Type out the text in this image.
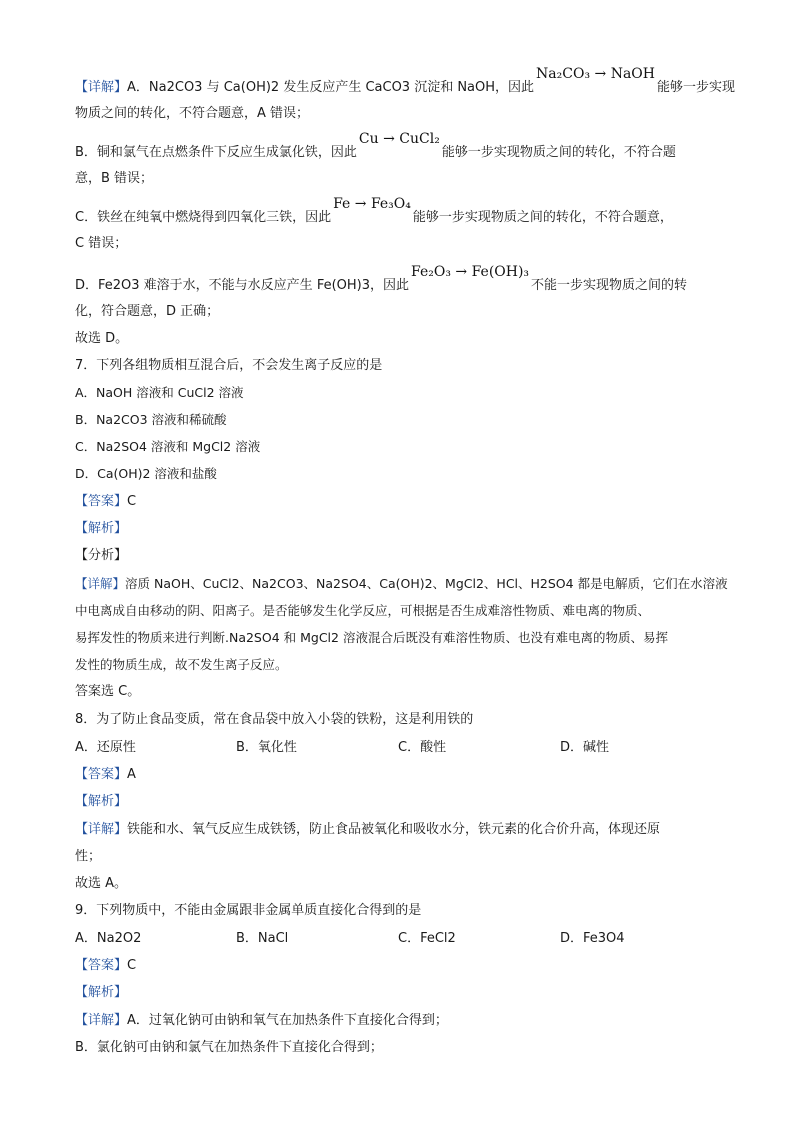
【详解】A．Na2CO3 与 Ca(OH)2 发生反应产生 CaCO3 沉淀和 NaOH，因此Na₂CO₃ → NaOH能够一步实现
物质之间的转化，不符合题意，A 错误；
B．铜和氯气在点燃条件下反应生成氯化铁，因此Cu → CuCl₂能够一步实现物质之间的转化，不符合题
意，B 错误；
C．铁丝在纯氧中燃烧得到四氧化三铁，因此Fe → Fe₃O₄能够一步实现物质之间的转化，不符合题意，
C 错误；
D．Fe2O3 难溶于水，不能与水反应产生 Fe(OH)3，因此Fe₂O₃ → Fe(OH)₃不能一步实现物质之间的转
化，符合题意，D 正确；
故选 D。
7．下列各组物质相互混合后，不会发生离子反应的是
A．NaOH 溶液和 CuCl2 溶液
B．Na2CO3 溶液和稀硫酸
C．Na2SO4 溶液和 MgCl2 溶液
D．Ca(OH)2 溶液和盐酸
【答案】C
【解析】
【分析】
【详解】溶质 NaOH、CuCl2、Na2CO3、Na2SO4、Ca(OH)2、MgCl2、HCl、H2SO4 都是电解质，它们在水溶液
中电离成自由移动的阴、阳离子。是否能够发生化学反应，可根据是否生成难溶性物质、难电离的物质、
易挥发性的物质来进行判断.Na2SO4 和 MgCl2 溶液混合后既没有难溶性物质、也没有难电离的物质、易挥
发性的物质生成，故不发生离子反应。
答案选 C。
8．为了防止食品变质，常在食品袋中放入小袋的铁粉，这是利用铁的
A．还原性	B．氧化性	C．酸性	D．碱性
【答案】A
【解析】
【详解】铁能和水、氧气反应生成铁锈，防止食品被氧化和吸收水分，铁元素的化合价升高，体现还原
性；
故选 A。
9．下列物质中，不能由金属跟非金属单质直接化合得到的是
A．Na2O2	B．NaCl	C．FeCl2	D．Fe3O4
【答案】C
【解析】
【详解】A．过氧化钠可由钠和氧气在加热条件下直接化合得到；
B．氯化钠可由钠和氯气在加热条件下直接化合得到；
